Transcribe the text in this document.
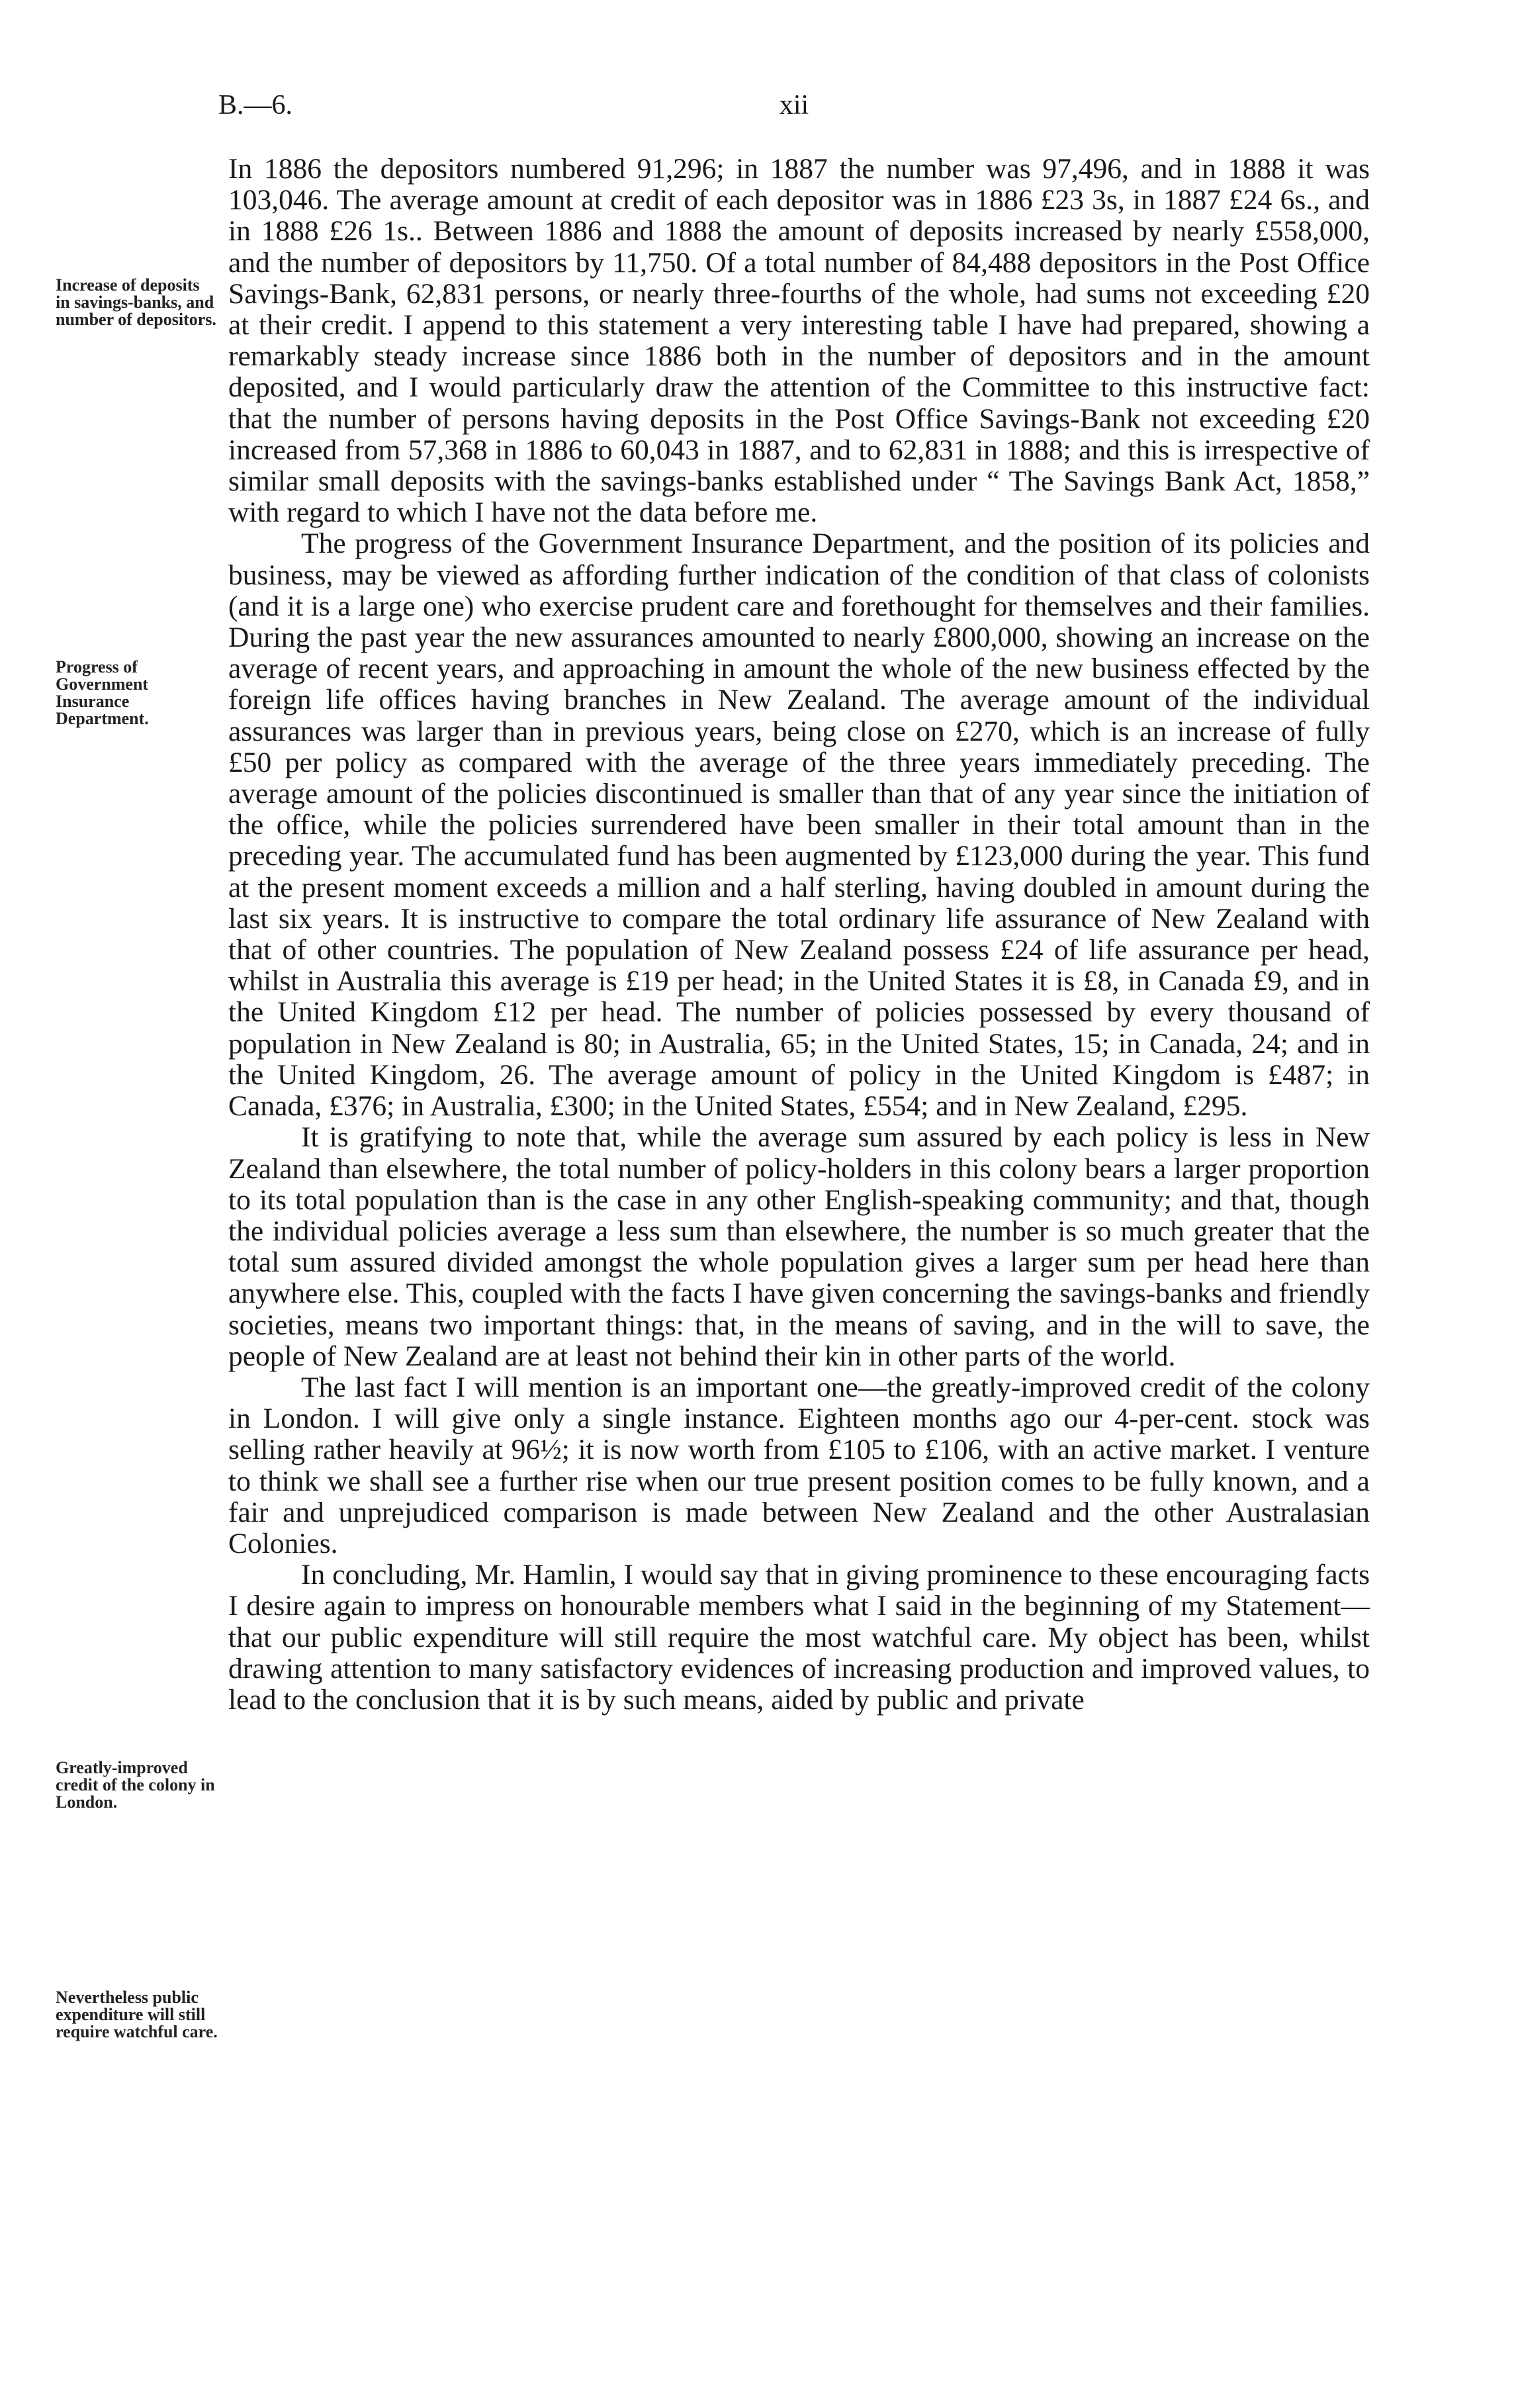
B.—6.	xii
Increase of deposits in savings-banks, and number of depositors.
Progress of Government Insurance Department.
Greatly-improved credit of the colony in London.
Nevertheless public expenditure will still require watchful care.

In 1886 the depositors numbered 91,296; in 1887 the number was 97,496, and in 1888 it was 103,046. The average amount at credit of each depositor was in 1886 £23 3s, in 1887 £24 6s., and in 1888 £26 1s.. Between 1886 and 1888 the amount of deposits increased by nearly £558,000, and the number of depositors by 11,750. Of a total number of 84,488 depositors in the Post Office Savings-Bank, 62,831 persons, or nearly three-fourths of the whole, had sums not exceeding £20 at their credit. I append to this statement a very interesting table I have had prepared, showing a remarkably steady increase since 1886 both in the number of depositors and in the amount deposited, and I would particularly draw the attention of the Committee to this instructive fact: that the number of persons having deposits in the Post Office Savings-Bank not exceeding £20 increased from 57,368 in 1886 to 60,043 in 1887, and to 62,831 in 1888; and this is irrespective of similar small deposits with the savings-banks established under “ The Savings Bank Act, 1858,” with regard to which I have not the data before me.

The progress of the Government Insurance Department, and the position of its policies and business, may be viewed as affording further indication of the condition of that class of colonists (and it is a large one) who exercise prudent care and forethought for themselves and their families. During the past year the new assurances amounted to nearly £800,000, showing an increase on the average of recent years, and approaching in amount the whole of the new business effected by the foreign life offices having branches in New Zealand. The average amount of the individual assurances was larger than in previous years, being close on £270, which is an increase of fully £50 per policy as compared with the average of the three years immediately preceding. The average amount of the policies discontinued is smaller than that of any year since the initiation of the office, while the policies surrendered have been smaller in their total amount than in the preceding year. The accumulated fund has been augmented by £123,000 during the year. This fund at the present moment exceeds a million and a half sterling, having doubled in amount during the last six years. It is instructive to compare the total ordinary life assurance of New Zealand with that of other countries. The population of New Zealand possess £24 of life assurance per head, whilst in Australia this average is £19 per head; in the United States it is £8, in Canada £9, and in the United Kingdom £12 per head. The number of policies possessed by every thousand of population in New Zealand is 80; in Australia, 65; in the United States, 15; in Canada, 24; and in the United Kingdom, 26. The average amount of policy in the United Kingdom is £487; in Canada, £376; in Australia, £300; in the United States, £554; and in New Zealand, £295.

It is gratifying to note that, while the average sum assured by each policy is less in New Zealand than elsewhere, the total number of policy-holders in this colony bears a larger proportion to its total population than is the case in any other English-speaking community; and that, though the individual policies average a less sum than elsewhere, the number is so much greater that the total sum assured divided amongst the whole population gives a larger sum per head here than anywhere else. This, coupled with the facts I have given concerning the savings-banks and friendly societies, means two important things: that, in the means of saving, and in the will to save, the people of New Zealand are at least not behind their kin in other parts of the world.

The last fact I will mention is an important one—the greatly-improved credit of the colony in London. I will give only a single instance. Eighteen months ago our 4-per-cent. stock was selling rather heavily at 96½; it is now worth from £105 to £106, with an active market. I venture to think we shall see a further rise when our true present position comes to be fully known, and a fair and unprejudiced comparison is made between New Zealand and the other Australasian Colonies.

In concluding, Mr. Hamlin, I would say that in giving prominence to these encouraging facts I desire again to impress on honourable members what I said in the beginning of my Statement—that our public expenditure will still require the most watchful care. My object has been, whilst drawing attention to many satisfactory evidences of increasing production and improved values, to lead to the conclusion that it is by such means, aided by public and private
